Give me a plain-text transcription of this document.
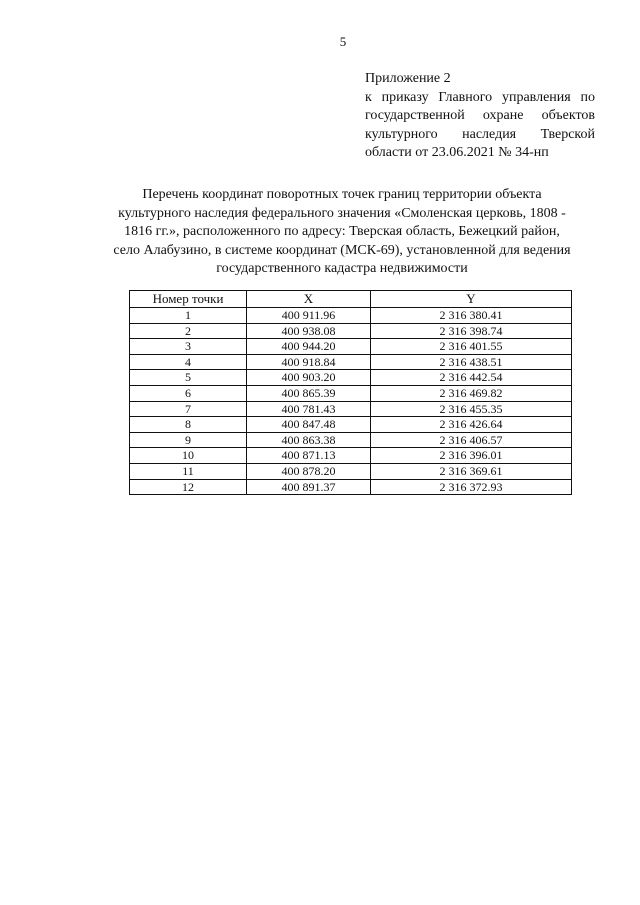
5
Приложение 2
к приказу Главного управления по
государственной охране объектов
культурного наследия Тверской
области от 23.06.2021 № 34-нп
Перечень координат поворотных точек границ территории объекта
культурного наследия федерального значения «Смоленская церковь, 1808 -
1816 гг.», расположенного по адресу: Тверская область, Бежецкий район,
село Алабузино, в системе координат (МСК-69), установленной для ведения
государственного кадастра недвижимости
Номер точки	X	Y
1	400 911.96	2 316 380.41
2	400 938.08	2 316 398.74
3	400 944.20	2 316 401.55
4	400 918.84	2 316 438.51
5	400 903.20	2 316 442.54
6	400 865.39	2 316 469.82
7	400 781.43	2 316 455.35
8	400 847.48	2 316 426.64
9	400 863.38	2 316 406.57
10	400 871.13	2 316 396.01
11	400 878.20	2 316 369.61
12	400 891.37	2 316 372.93
